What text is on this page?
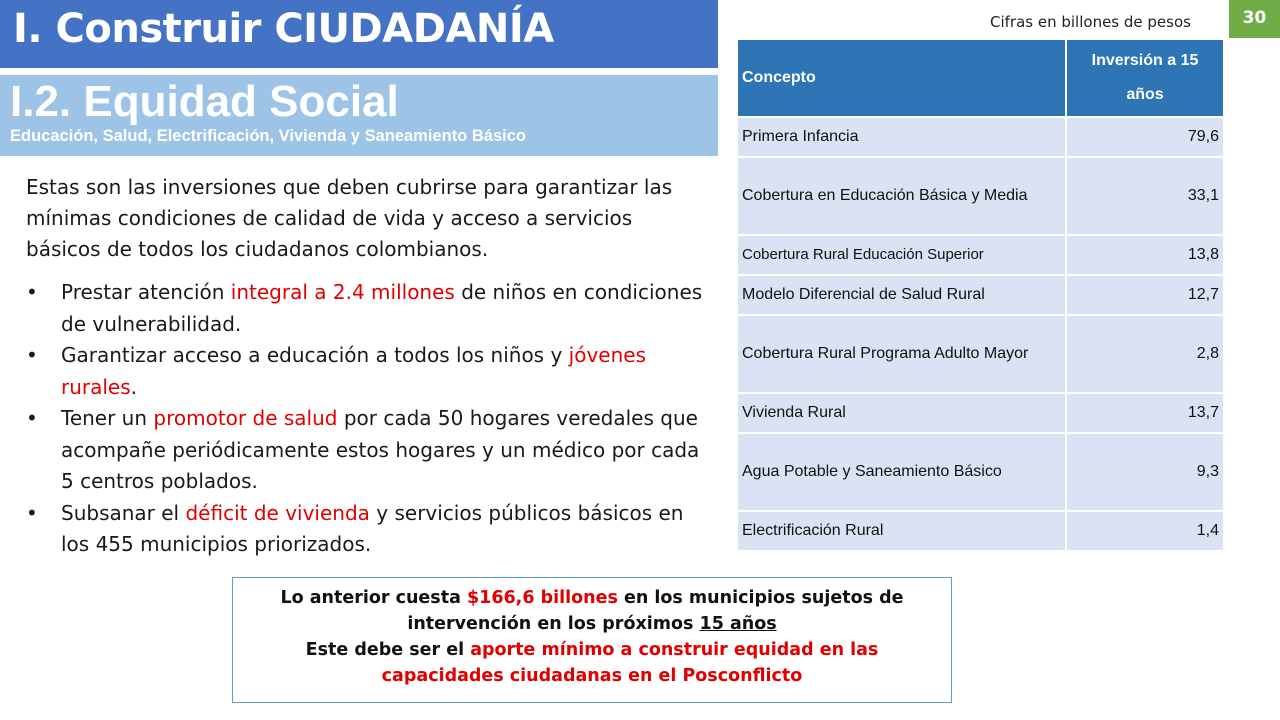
I. Construir CIUDADANÍA
I.2. Equidad Social
Educación, Salud, Electrificación, Vivienda y Saneamiento Básico
Cifras en billones de pesos	30
Estas son las inversiones que deben cubrirse para garantizar las mínimas condiciones de calidad de vida y acceso a servicios básicos de todos los ciudadanos colombianos.
• Prestar atención integral a 2.4 millones de niños en condiciones de vulnerabilidad.
• Garantizar acceso a educación a todos los niños y jóvenes rurales.
• Tener un promotor de salud por cada 50 hogares veredales que acompañe periódicamente estos hogares y un médico por cada 5 centros poblados.
• Subsanar el déficit de vivienda y servicios públicos básicos en los 455 municipios priorizados.
Concepto	Inversión a 15 años
Primera Infancia	79,6
Cobertura en Educación Básica y Media	33,1
Cobertura Rural Educación Superior	13,8
Modelo Diferencial de Salud Rural	12,7
Cobertura Rural Programa Adulto Mayor	2,8
Vivienda Rural	13,7
Agua Potable y Saneamiento Básico	9,3
Electrificación Rural	1,4
Lo anterior cuesta $166,6 billones en los municipios sujetos de
intervención en los próximos 15 años
Este debe ser el aporte mínimo a construir equidad en las
capacidades ciudadanas en el Posconflicto
